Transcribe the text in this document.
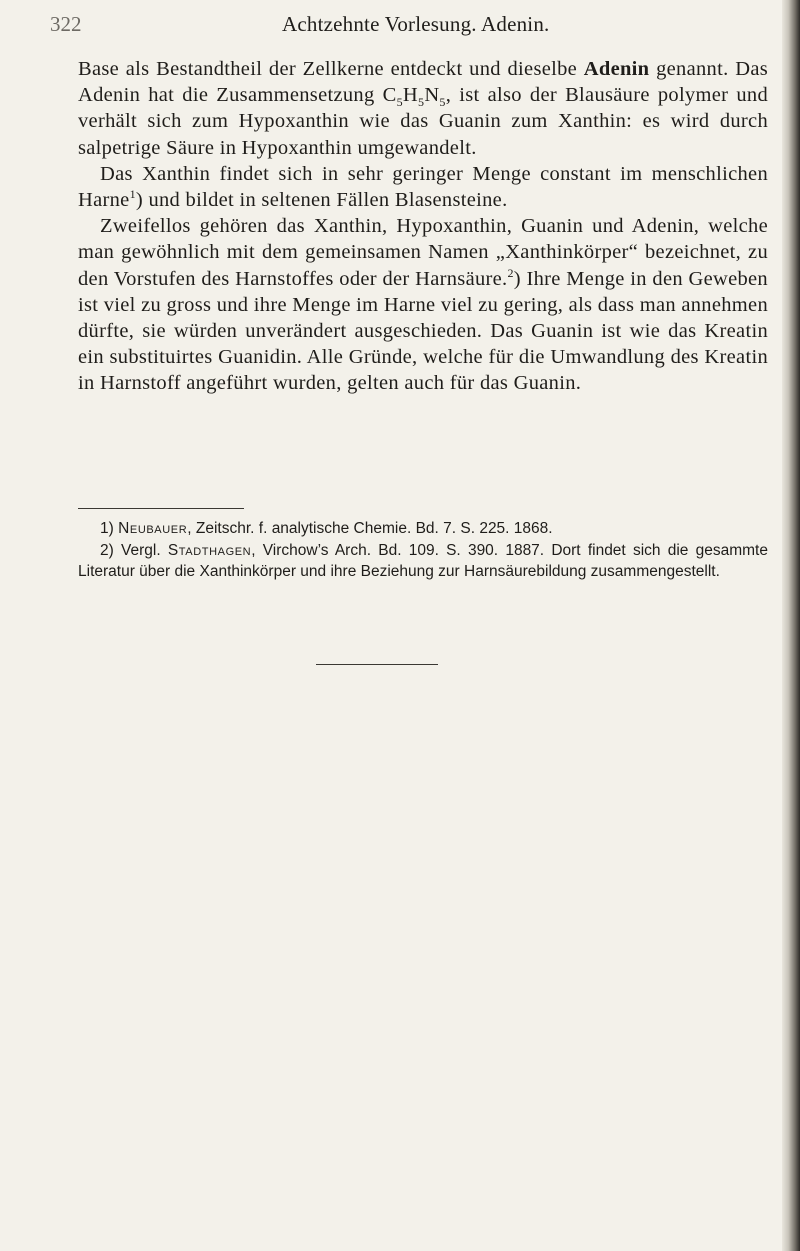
322	Achtzehnte Vorlesung. Adenin.

Base als Bestandtheil der Zellkerne entdeckt und dieselbe Adenin genannt. Das Adenin hat die Zusammensetzung $C_5H_5N_5$, ist also der Blausäure polymer und verhält sich zum Hypoxanthin wie das Guanin zum Xanthin: es wird durch salpetrige Säure in Hypoxanthin umgewandelt.

Das Xanthin findet sich in sehr geringer Menge constant im menschlichen Harne$^1$) und bildet in seltenen Fällen Blasensteine.

Zweifellos gehören das Xanthin, Hypoxanthin, Guanin und Adenin, welche man gewöhnlich mit dem gemeinsamen Namen „Xanthinkörper“ bezeichnet, zu den Vorstufen des Harnstoffes oder der Harnsäure.$^2$) Ihre Menge in den Geweben ist viel zu gross und ihre Menge im Harne viel zu gering, als dass man annehmen dürfte, sie würden unverändert ausgeschieden. Das Guanin ist wie das Kreatin ein substituirtes Guanidin. Alle Gründe, welche für die Umwandlung des Kreatin in Harnstoff angeführt wurden, gelten auch für das Guanin.

1) Neubauer, Zeitschr. f. analytische Chemie. Bd. 7. S. 225. 1868.

2) Vergl. Stadthagen, Virchow’s Arch. Bd. 109. S. 390. 1887. Dort findet sich die gesammte Literatur über die Xanthinkörper und ihre Beziehung zur Harnsäurebildung zusammengestellt.
